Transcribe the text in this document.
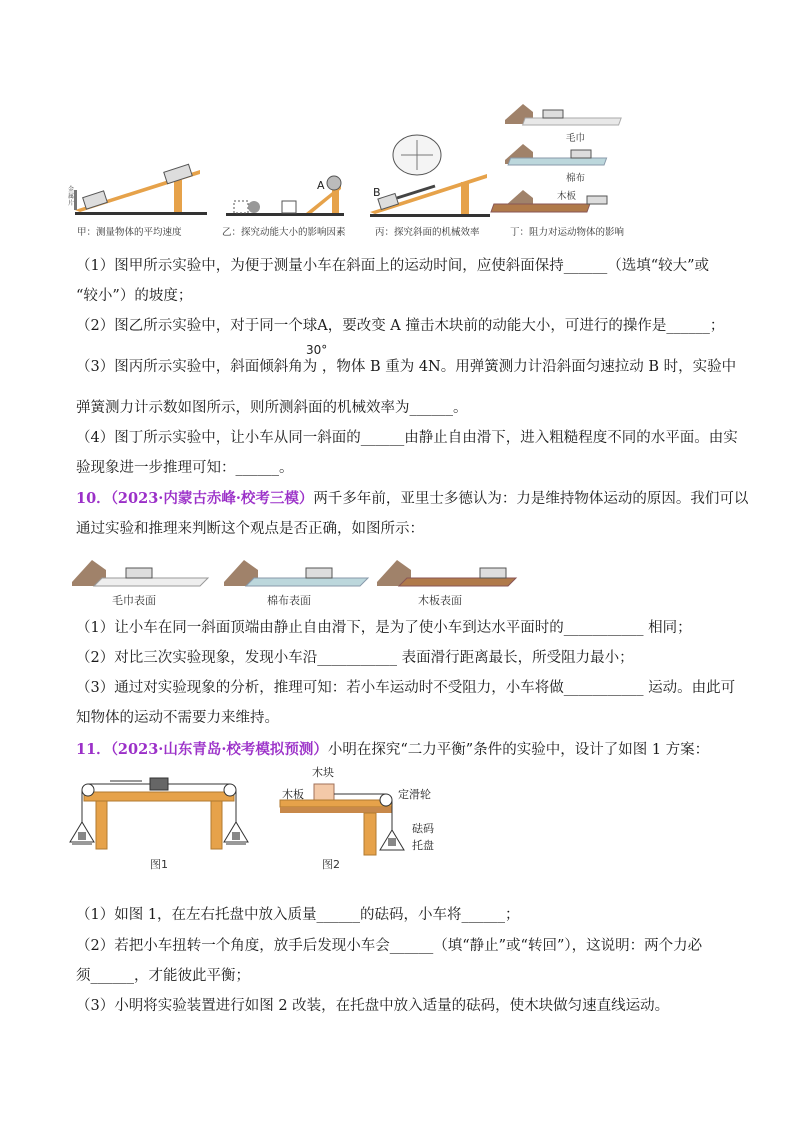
金属片
A
B
毛巾
棉布
木板
甲：测量物体的平均速度	乙：探究动能大小的影响因素	丙：探究斜面的机械效率	丁：阻力对运动物体的影响
（1）图甲所示实验中，为便于测量小车在斜面上的运动时间，应使斜面保持______（选填“较大”或
“较小”）的坡度；
（2）图乙所示实验中，对于同一个球A，要改变 A 撞击木块前的动能大小，可进行的操作是______；
30°
（3）图丙所示实验中，斜面倾斜角为 ，物体 B 重为 4N。用弹簧测力计沿斜面匀速拉动 B 时，实验中
弹簧测力计示数如图所示，则所测斜面的机械效率为______。
（4）图丁所示实验中，让小车从同一斜面的______由静止自由滑下，进入粗糙程度不同的水平面。由实
验现象进一步推理可知：______。
10．（2023·内蒙古赤峰·校考三模）两千多年前，亚里士多德认为：力是维持物体运动的原因。我们可以
通过实验和推理来判断这个观点是否正确，如图所示：
毛巾表面	棉布表面	木板表面
（1）让小车在同一斜面顶端由静止自由滑下，是为了使小车到达水平面时的___________ 相同；
（2）对比三次实验现象，发现小车沿___________ 表面滑行距离最长，所受阻力最小；
（3）通过对实验现象的分析，推理可知：若小车运动时不受阻力，小车将做___________ 运动。由此可
知物体的运动不需要力来维持。
11．（2023·山东青岛·校考模拟预测）小明在探究“二力平衡”条件的实验中，设计了如图 1 方案：
图1
木块
木板	定滑轮
砝码
托盘
图2
（1）如图 1，在左右托盘中放入质量______的砝码，小车将______；
（2）若把小车扭转一个角度，放手后发现小车会______（填“静止”或“转回”），这说明：两个力必
须______，才能彼此平衡；
（3）小明将实验装置进行如图 2 改装，在托盘中放入适量的砝码，使木块做匀速直线运动。
